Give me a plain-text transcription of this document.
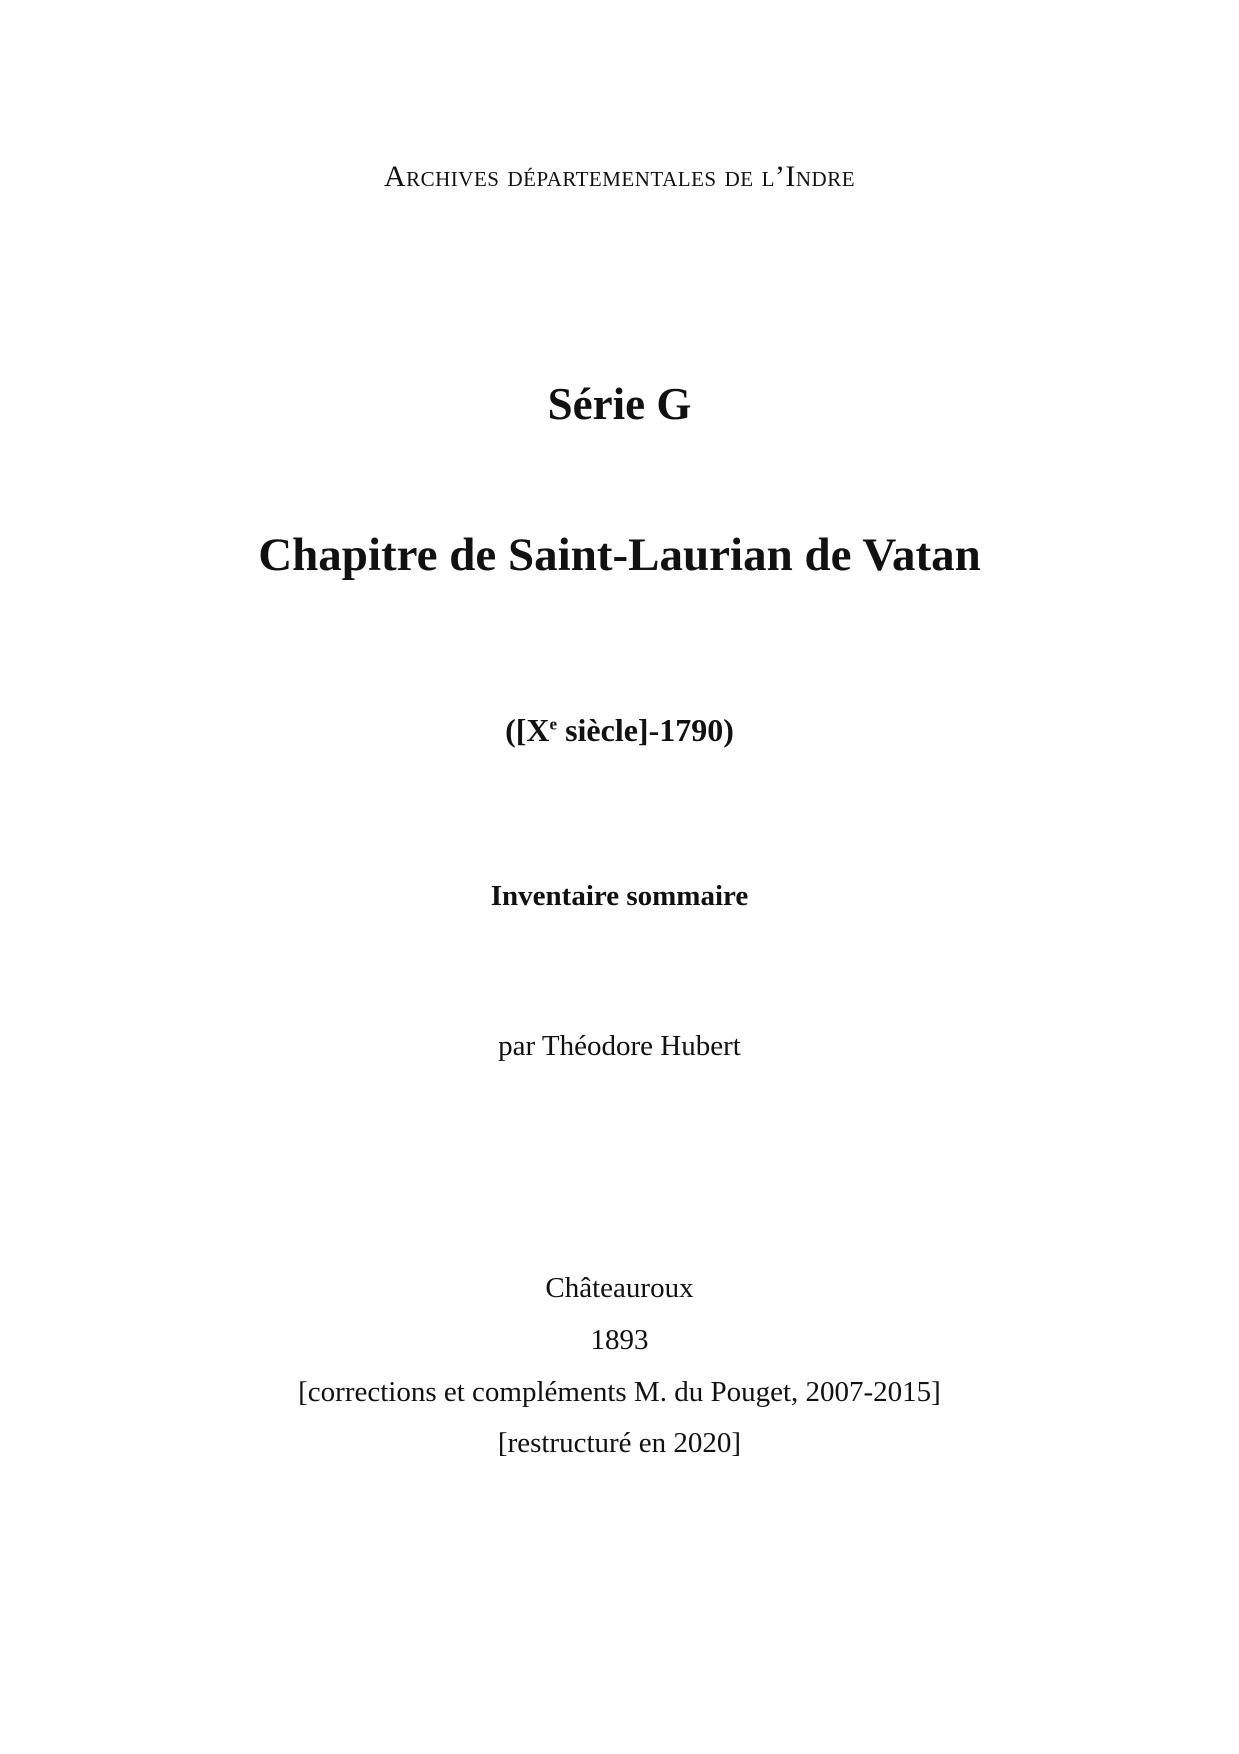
Archives départementales de l’Indre
Série G
Chapitre de Saint-Laurian de Vatan
([Xe siècle]-1790)
Inventaire sommaire
par Théodore Hubert
Châteauroux
1893
[corrections et compléments M. du Pouget, 2007-2015]
[restructuré en 2020]
